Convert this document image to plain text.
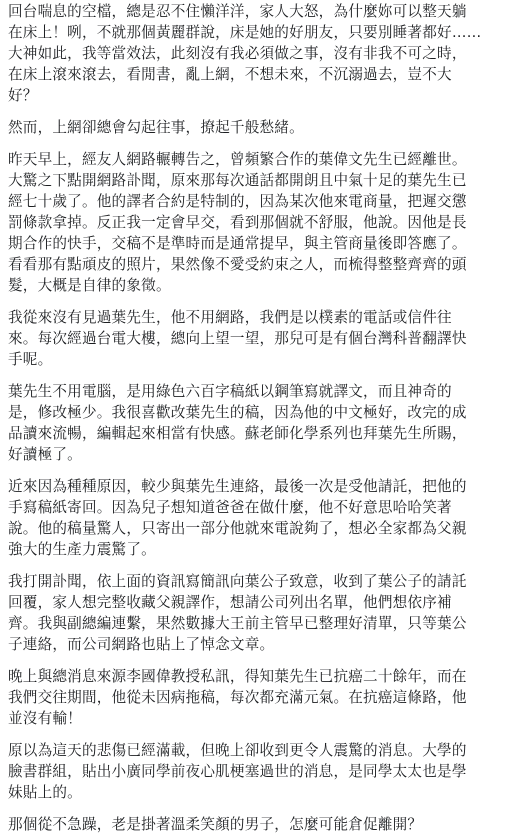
回台喘息的空檔，總是忍不住懶洋洋，家人大怒，為什麼妳可以整天躺
在床上！咧，不就那個黃麗群說，床是她的好朋友，只要別睡著都好……
大神如此，我等當效法，此刻沒有我必須做之事，沒有非我不可之時，
在床上滾來滾去，看閒書，亂上網，不想未來，不沉溺過去，豈不大
好？

然而，上網卻總會勾起往事，撩起千般愁緒。

昨天早上，經友人網路輾轉告之，曾頻繁合作的葉偉文先生已經離世。
大驚之下點開網路訃聞，原來那每次通話都開朗且中氣十足的葉先生已
經七十歲了。他的譯者合約是特制的，因為某次他來電商量，把遲交懲
罰條款拿掉。反正我一定會早交，看到那個就不舒服，他說。因他是長
期合作的快手，交稿不是準時而是通常提早，與主管商量後即答應了。
看看那有點頑皮的照片，果然像不愛受約束之人，而梳得整整齊齊的頭
髮，大概是自律的象徵。

我從來沒有見過葉先生，他不用網路，我們是以樸素的電話或信件往
來。每次經過台電大樓，總向上望一望，那兒可是有個台灣科普翻譯快
手呢。

葉先生不用電腦，是用綠色六百字稿紙以鋼筆寫就譯文，而且神奇的
是，修改極少。我很喜歡改葉先生的稿，因為他的中文極好，改完的成
品讀來流暢，編輯起來相當有快感。蘇老師化學系列也拜葉先生所賜，
好讀極了。

近來因為種種原因，較少與葉先生連絡，最後一次是受他請託，把他的
手寫稿紙寄回。因為兒子想知道爸爸在做什麼，他不好意思哈哈笑著
說。他的稿量驚人，只寄出一部分他就來電說夠了，想必全家都為父親
強大的生產力震驚了。

我打開訃聞，依上面的資訊寫簡訊向葉公子致意，收到了葉公子的請託
回覆，家人想完整收藏父親譯作，想請公司列出名單，他們想依序補
齊。我與副總編連繫，果然數據大王前主管早已整理好清單，只等葉公
子連絡，而公司網路也貼上了悼念文章。

晚上與總消息來源李國偉教授私訊，得知葉先生已抗癌二十餘年，而在
我們交往期間，他從未因病拖稿，每次都充滿元氣。在抗癌這條路，他
並沒有輸！

原以為這天的悲傷已經滿載，但晚上卻收到更令人震驚的消息。大學的
臉書群組，貼出小廣同學前夜心肌梗塞過世的消息，是同學太太也是學
妹貼上的。

那個從不急躁，老是掛著溫柔笑顏的男子，怎麼可能倉促離開？
